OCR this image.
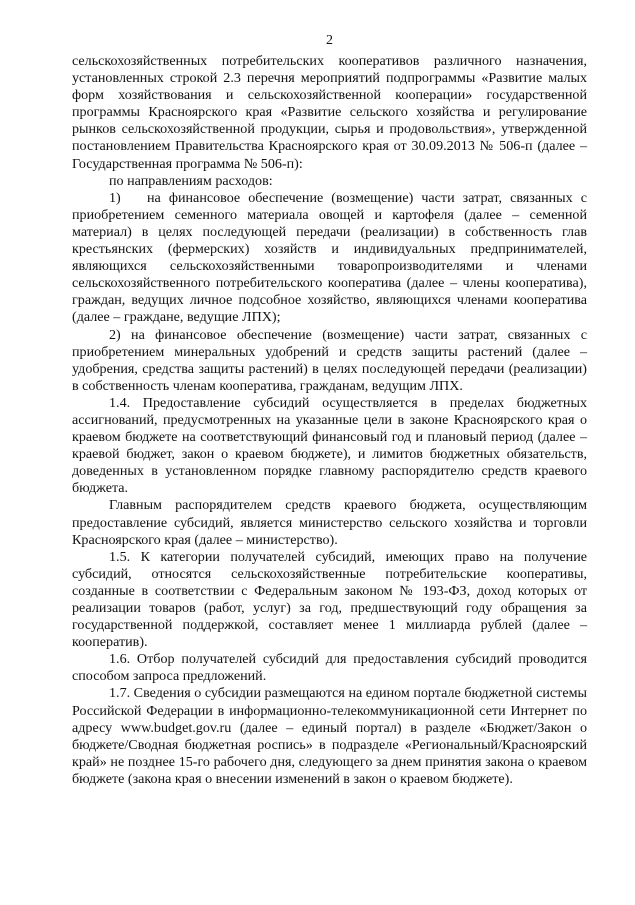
2

сельскохозяйственных потребительских кооперативов различного назначения, установленных строкой 2.3 перечня мероприятий подпрограммы «Развитие малых форм хозяйствования и сельскохозяйственной кооперации» государственной программы Красноярского края «Развитие сельского хозяйства и регулирование рынков сельскохозяйственной продукции, сырья и продовольствия», утвержденной постановлением Правительства Красноярского края от 30.09.2013 № 506-п (далее – Государственная программа № 506-п):

по направлениям расходов:

1) на финансовое обеспечение (возмещение) части затрат, связанных с приобретением семенного материала овощей и картофеля (далее – семенной материал) в целях последующей передачи (реализации) в собственность глав крестьянских (фермерских) хозяйств и индивидуальных предпринимателей, являющихся сельскохозяйственными товаропроизводителями и членами сельскохозяйственного потребительского кооператива (далее – члены кооператива), граждан, ведущих личное подсобное хозяйство, являющихся членами кооператива (далее – граждане, ведущие ЛПХ);

2) на финансовое обеспечение (возмещение) части затрат, связанных с приобретением минеральных удобрений и средств защиты растений (далее – удобрения, средства защиты растений) в целях последующей передачи (реализации) в собственность членам кооператива, гражданам, ведущим ЛПХ.

1.4. Предоставление субсидий осуществляется в пределах бюджетных ассигнований, предусмотренных на указанные цели в законе Красноярского края о краевом бюджете на соответствующий финансовый год и плановый период (далее – краевой бюджет, закон о краевом бюджете), и лимитов бюджетных обязательств, доведенных в установленном порядке главному распорядителю средств краевого бюджета.

Главным распорядителем средств краевого бюджета, осуществляющим предоставление субсидий, является министерство сельского хозяйства и торговли Красноярского края (далее – министерство).

1.5. К категории получателей субсидий, имеющих право на получение субсидий, относятся сельскохозяйственные потребительские кооперативы, созданные в соответствии с Федеральным законом № 193-ФЗ, доход которых от реализации товаров (работ, услуг) за год, предшествующий году обращения за государственной поддержкой, составляет менее 1 миллиарда рублей (далее – кооператив).

1.6. Отбор получателей субсидий для предоставления субсидий проводится способом запроса предложений.

1.7. Сведения о субсидии размещаются на едином портале бюджетной системы Российской Федерации в информационно-телекоммуникационной сети Интернет по адресу www.budget.gov.ru (далее – единый портал) в разделе «Бюджет/Закон о бюджете/Сводная бюджетная роспись» в подразделе «Региональный/Красноярский край» не позднее 15-го рабочего дня, следующего за днем принятия закона о краевом бюджете (закона края о внесении изменений в закон о краевом бюджете).
